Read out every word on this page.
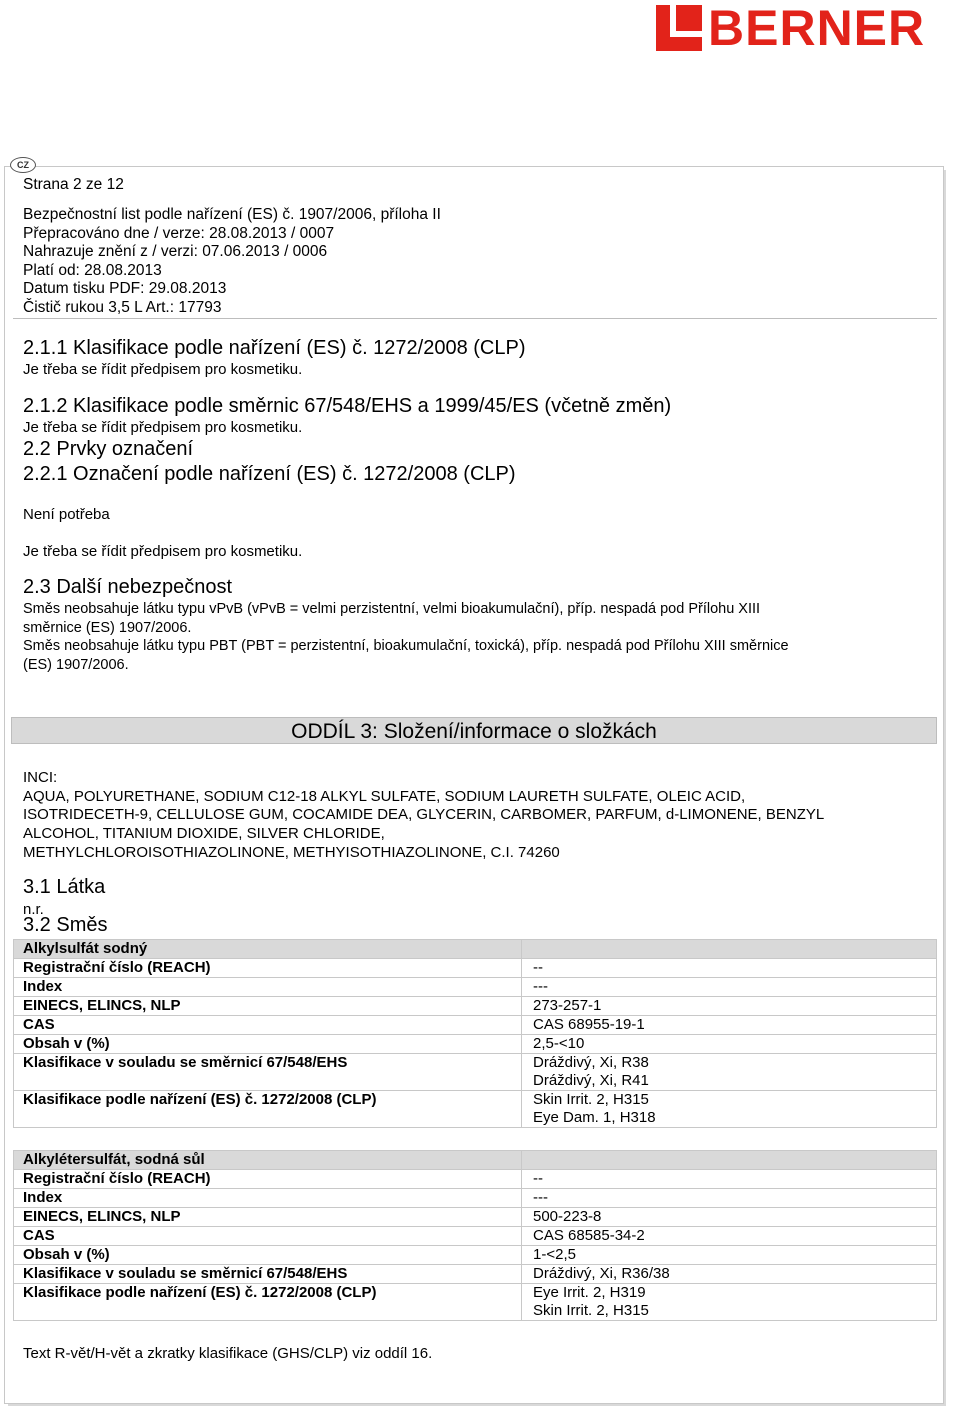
BERNER
CZ
Strana 2 ze 12
Bezpečnostní list podle nařízení (ES) č. 1907/2006, příloha II
Přepracováno dne / verze: 28.08.2013 / 0007
Nahrazuje znění z / verzi: 07.06.2013 / 0006
Platí od: 28.08.2013
Datum tisku PDF: 29.08.2013
Čistič rukou 3,5 L Art.: 17793
2.1.1 Klasifikace podle nařízení (ES) č. 1272/2008 (CLP)
Je třeba se řídit předpisem pro kosmetiku.
2.1.2 Klasifikace podle směrnic 67/548/EHS a 1999/45/ES (včetně změn)
Je třeba se řídit předpisem pro kosmetiku.
2.2 Prvky označení
2.2.1 Označení podle nařízení (ES) č. 1272/2008 (CLP)
Není potřeba
Je třeba se řídit předpisem pro kosmetiku.
2.3 Další nebezpečnost
Směs neobsahuje látku typu vPvB (vPvB = velmi perzistentní, velmi bioakumulační), příp. nespadá pod Přílohu XIII
směrnice (ES) 1907/2006.
Směs neobsahuje látku typu PBT (PBT = perzistentní, bioakumulační, toxická), příp. nespadá pod Přílohu XIII směrnice
(ES) 1907/2006.
ODDÍL 3: Složení/informace o složkách
INCI:
AQUA, POLYURETHANE, SODIUM C12-18 ALKYL SULFATE, SODIUM LAURETH SULFATE, OLEIC ACID,
ISOTRIDECETH-9, CELLULOSE GUM, COCAMIDE DEA, GLYCERIN, CARBOMER, PARFUM, d-LIMONENE, BENZYL
ALCOHOL, TITANIUM DIOXIDE, SILVER CHLORIDE,
METHYLCHLOROISOTHIAZOLINONE, METHYISOTHIAZOLINONE, C.I. 74260
3.1 Látka
n.r.
3.2 Směs
Alkylsulfát sodný	
Registrační číslo (REACH)	--

Index	---

EINECS, ELINCS, NLP	273-257-1

CAS	CAS 68955-19-1

Obsah v (%)	2,5-<10

Klasifikace v souladu se směrnicí 67/548/EHS	Dráždivý, Xi, R38
Dráždivý, Xi, R41

Klasifikace podle nařízení (ES) č. 1272/2008 (CLP)	Skin Irrit. 2, H315
Eye Dam. 1, H318
Alkylétersulfát, sodná sůl	
Registrační číslo (REACH)	--

Index	---

EINECS, ELINCS, NLP	500-223-8

CAS	CAS 68585-34-2

Obsah v (%)	1-<2,5

Klasifikace v souladu se směrnicí 67/548/EHS	Dráždivý, Xi, R36/38

Klasifikace podle nařízení (ES) č. 1272/2008 (CLP)	Eye Irrit. 2, H319
Skin Irrit. 2, H315
Text R-vět/H-vět a zkratky klasifikace (GHS/CLP) viz oddíl 16.
